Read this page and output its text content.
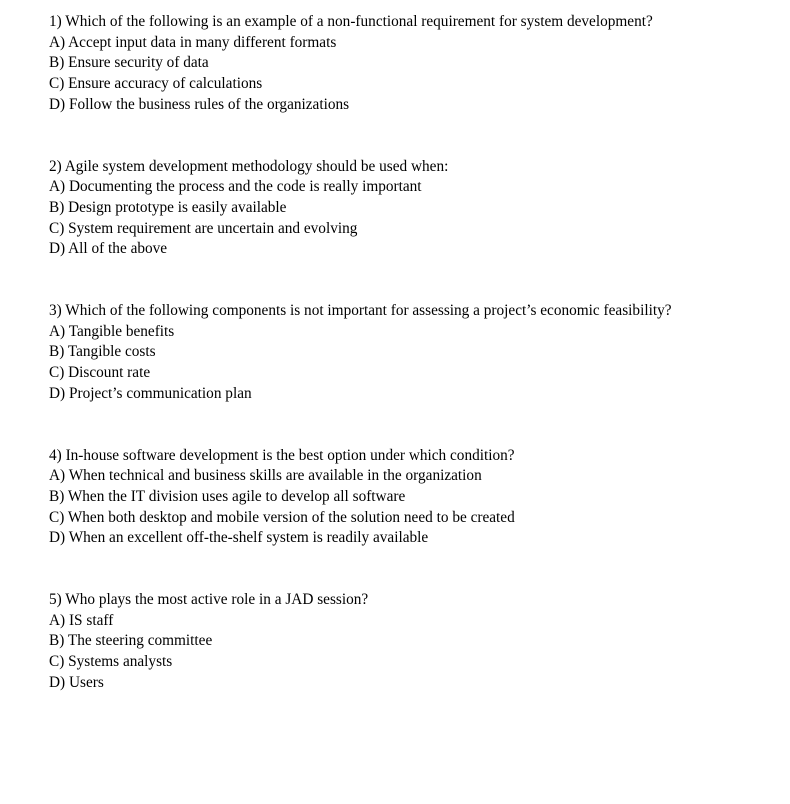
1) Which of the following is an example of a non-functional requirement for system development?

A) Accept input data in many different formats

B) Ensure security of data

C) Ensure accuracy of calculations

D) Follow the business rules of the organizations

2) Agile system development methodology should be used when:

A) Documenting the process and the code is really important

B) Design prototype is easily available

C) System requirement are uncertain and evolving

D) All of the above

3) Which of the following components is not important for assessing a project’s economic feasibility?

A) Tangible benefits

B) Tangible costs

C) Discount rate

D) Project’s communication plan

4) In-house software development is the best option under which condition?

A) When technical and business skills are available in the organization

B) When the IT division uses agile to develop all software

C) When both desktop and mobile version of the solution need to be created

D) When an excellent off-the-shelf system is readily available

5) Who plays the most active role in a JAD session?

A) IS staff

B) The steering committee

C) Systems analysts

D) Users
